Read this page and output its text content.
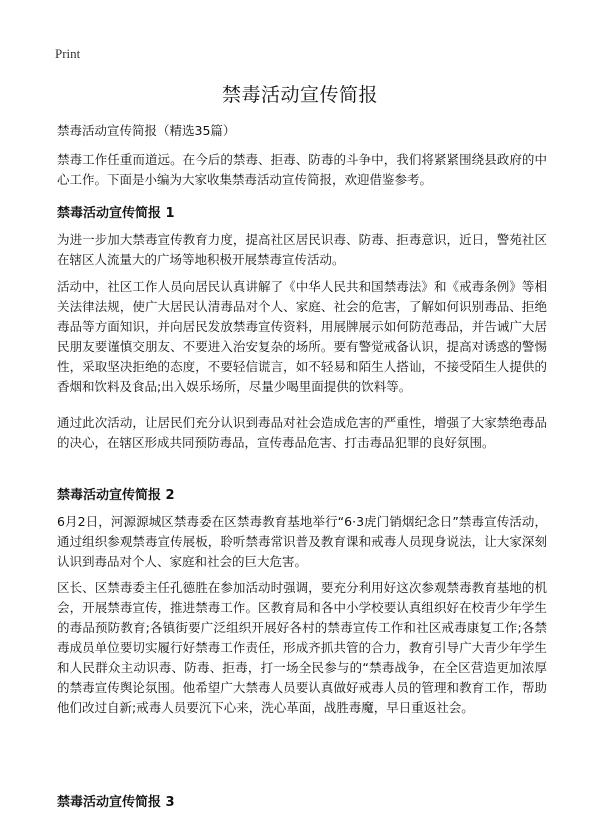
Print
禁毒活动宣传简报
禁毒活动宣传简报（精选35篇）

禁毒工作任重而道远。在今后的禁毒、拒毒、防毒的斗争中，我们将紧紧围绕县政府的中心工作。下面是小编为大家收集禁毒活动宣传简报，欢迎借鉴参考。

禁毒活动宣传简报 1

为进一步加大禁毒宣传教育力度，提高社区居民识毒、防毒、拒毒意识，近日，警苑社区在辖区人流量大的广场等地积极开展禁毒宣传活动。

活动中，社区工作人员向居民认真讲解了《中华人民共和国禁毒法》和《戒毒条例》等相关法律法规，使广大居民认清毒品对个人、家庭、社会的危害，了解如何识别毒品、拒绝毒品等方面知识，并向居民发放禁毒宣传资料，用展牌展示如何防范毒品，并告诫广大居民朋友要谨慎交朋友、不要进入治安复杂的场所。要有警觉戒备认识，提高对诱惑的警惕性，采取坚决拒绝的态度，不要轻信谎言，如不轻易和陌生人搭讪，不接受陌生人提供的香烟和饮料及食品;出入娱乐场所，尽量少喝里面提供的饮料等。

通过此次活动，让居民们充分认识到毒品对社会造成危害的严重性，增强了大家禁绝毒品的决心，在辖区形成共同预防毒品，宣传毒品危害、打击毒品犯罪的良好氛围。

禁毒活动宣传简报 2

6月2日，河源源城区禁毒委在区禁毒教育基地举行“6·3虎门销烟纪念日”禁毒宣传活动，通过组织参观禁毒宣传展板，聆听禁毒常识普及教育课和戒毒人员现身说法，让大家深刻认识到毒品对个人、家庭和社会的巨大危害。

区长、区禁毒委主任孔德胜在参加活动时强调，要充分利用好这次参观禁毒教育基地的机会，开展禁毒宣传，推进禁毒工作。区教育局和各中小学校要认真组织好在校青少年学生的毒品预防教育;各镇街要广泛组织开展好各村的禁毒宣传工作和社区戒毒康复工作;各禁毒成员单位要切实履行好禁毒工作责任，形成齐抓共管的合力，教育引导广大青少年学生和人民群众主动识毒、防毒、拒毒，打一场全民参与的“禁毒战争，在全区营造更加浓厚的禁毒宣传舆论氛围。他希望广大禁毒人员要认真做好戒毒人员的管理和教育工作，帮助他们改过自新;戒毒人员要沉下心来，洗心革面，战胜毒魔，早日重返社会。

禁毒活动宣传简报 3
